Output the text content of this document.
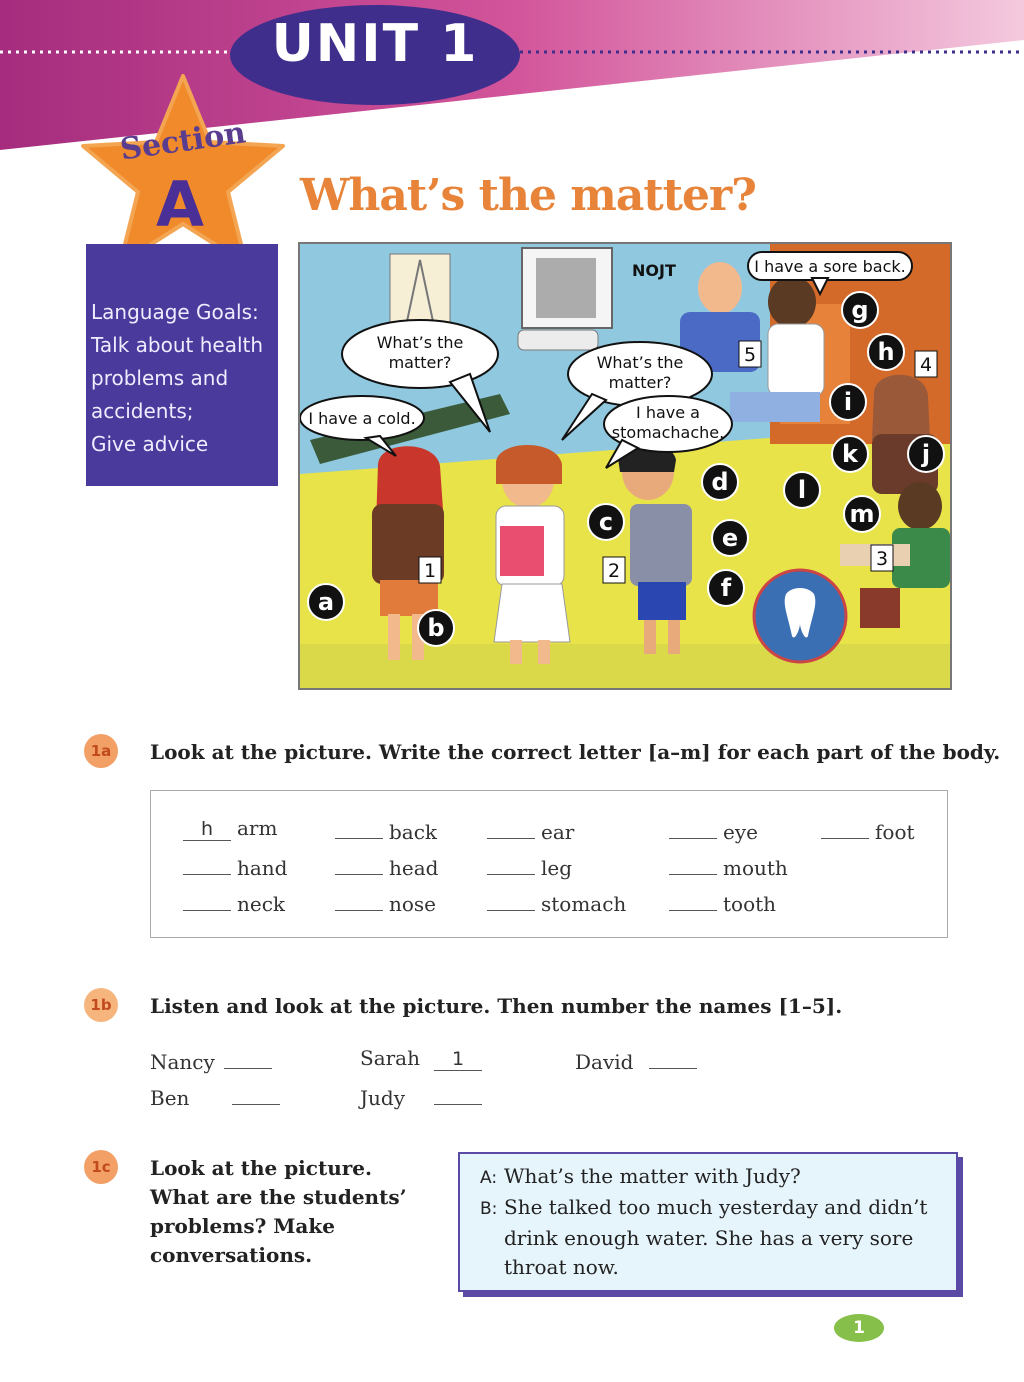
UNIT 1
Section
A	What’s the matter?
Language Goals:
Talk about health
problems and
accidents;
Give advice
NOJT
What’s the
matter?
I have a cold.
What’s the
matter?
I have a
stomachache.
I have a sore back.
a
b
c
d
e
f
g
h
i
j
k
l
m
1	2
3
4
5
1a	Look at the picture. Write the correct letter [a–m] for each part of the body.
h arm	back	ear	eye	foot
hand	head	leg	mouth
neck	nose	stomach	tooth
1b	Listen and look at the picture. Then number the names [1–5].
Nancy	Sarah 1	David
Ben	Judy
1c	Look at the picture.
What are the students’
problems? Make
conversations.
A: What’s the matter with Judy?
B: She talked too much yesterday and didn’t
drink enough water. She has a very sore
throat now.
1
